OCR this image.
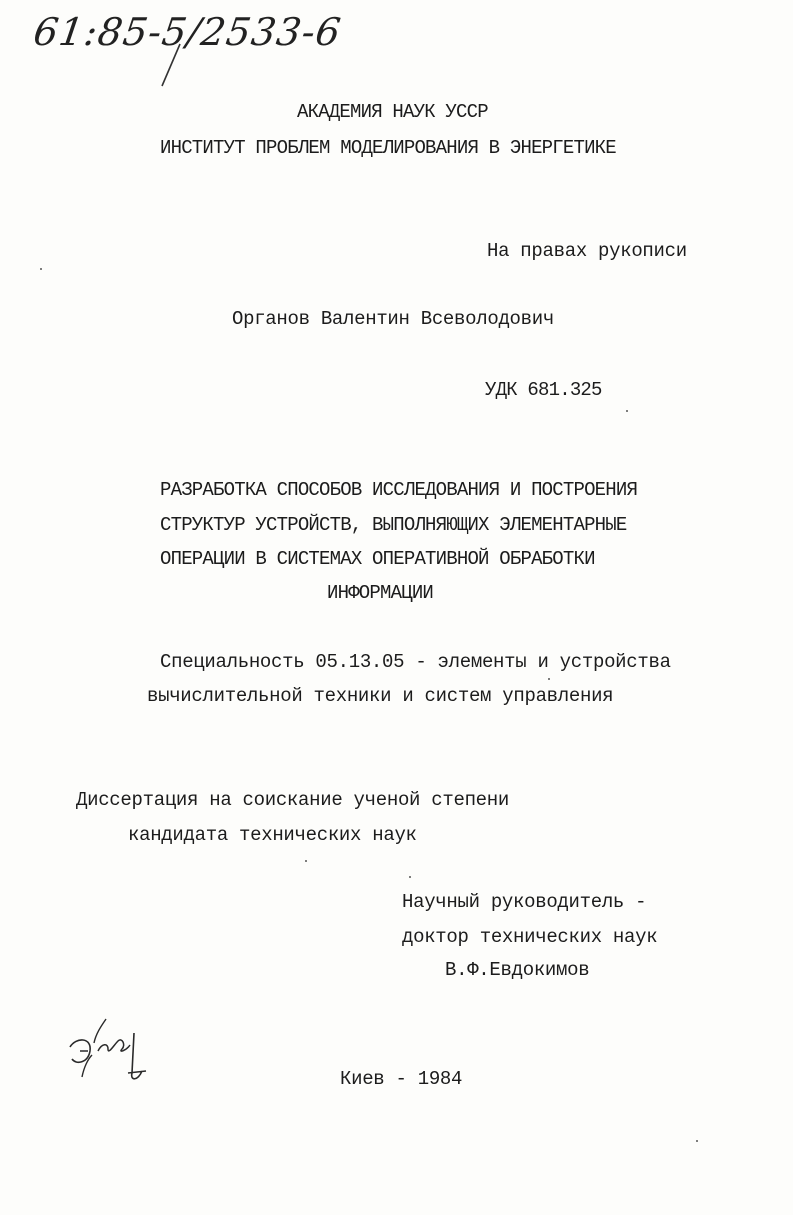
61:85-5/2533-6
АКАДЕМИЯ НАУК УССР
ИНСТИТУТ ПРОБЛЕМ МОДЕЛИРОВАНИЯ В ЭНЕРГЕТИКЕ
На правах рукописи
Органов Валентин Всеволодович
УДК 681.325
РАЗРАБОТКА СПОСОБОВ ИССЛЕДОВАНИЯ И ПОСТРОЕНИЯ
СТРУКТУР УСТРОЙСТВ, ВЫПОЛНЯЮЩИХ ЭЛЕМЕНТАРНЫЕ
ОПЕРАЦИИ В СИСТЕМАХ ОПЕРАТИВНОЙ ОБРАБОТКИ
ИНФОРМАЦИИ
Специальность 05.13.05 - элементы и устройства
вычислительной техники и систем управления
Диссертация на соискание ученой степени
кандидата технических наук
Научный руководитель -
доктор технических наук
В.Ф.Евдокимов
Киев - 1984
